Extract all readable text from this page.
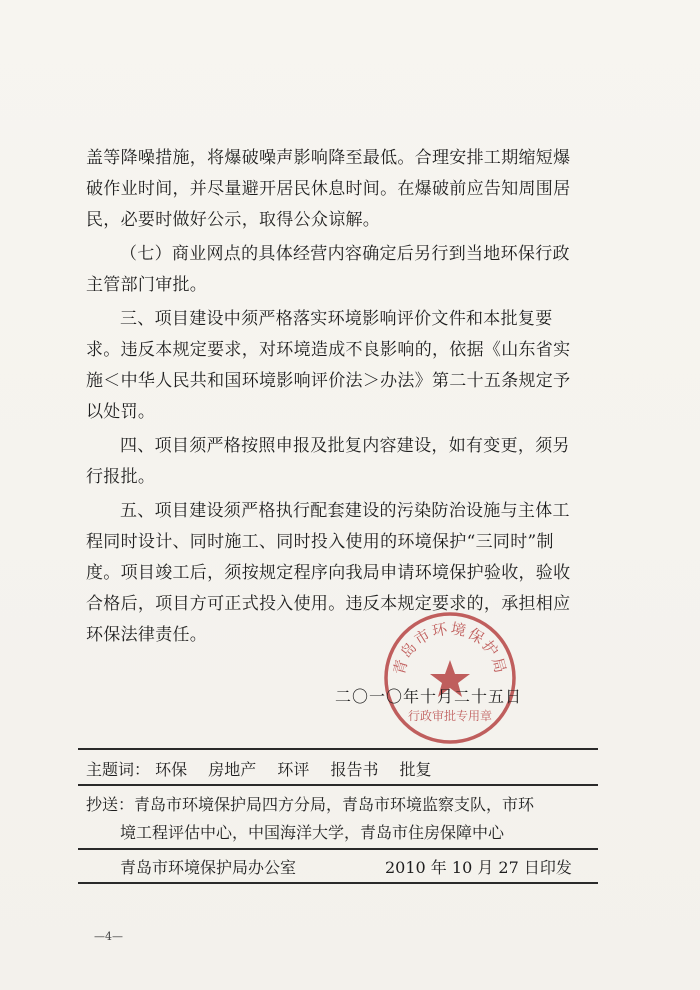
盖等降噪措施，将爆破噪声影响降至最低。合理安排工期缩短爆

破作业时间，并尽量避开居民休息时间。在爆破前应告知周围居

民，必要时做好公示，取得公众谅解。

（七）商业网点的具体经营内容确定后另行到当地环保行政

主管部门审批。

三、项目建设中须严格落实环境影响评价文件和本批复要

求。违反本规定要求，对环境造成不良影响的，依据《山东省实

施＜中华人民共和国环境影响评价法＞办法》第二十五条规定予

以处罚。

四、项目须严格按照申报及批复内容建设，如有变更，须另

行报批。

五、项目建设须严格执行配套建设的污染防治设施与主体工

程同时设计、同时施工、同时投入使用的环境保护“三同时”制

度。项目竣工后，须按规定程序向我局申请环境保护验收，验收

合格后，项目方可正式投入使用。违反本规定要求的，承担相应

环保法律责任。

青岛市环境保护局
行政审批专用章
二〇一〇年十月二十五日
主题词： 环保 房地产 环评 报告书 批复
抄送：青岛市环境保护局四方分局，青岛市环境监察支队，市环
境工程评估中心，中国海洋大学，青岛市住房保障中心
青岛市环境保护局办公室	2010 年 10 月 27 日印发
—4—
